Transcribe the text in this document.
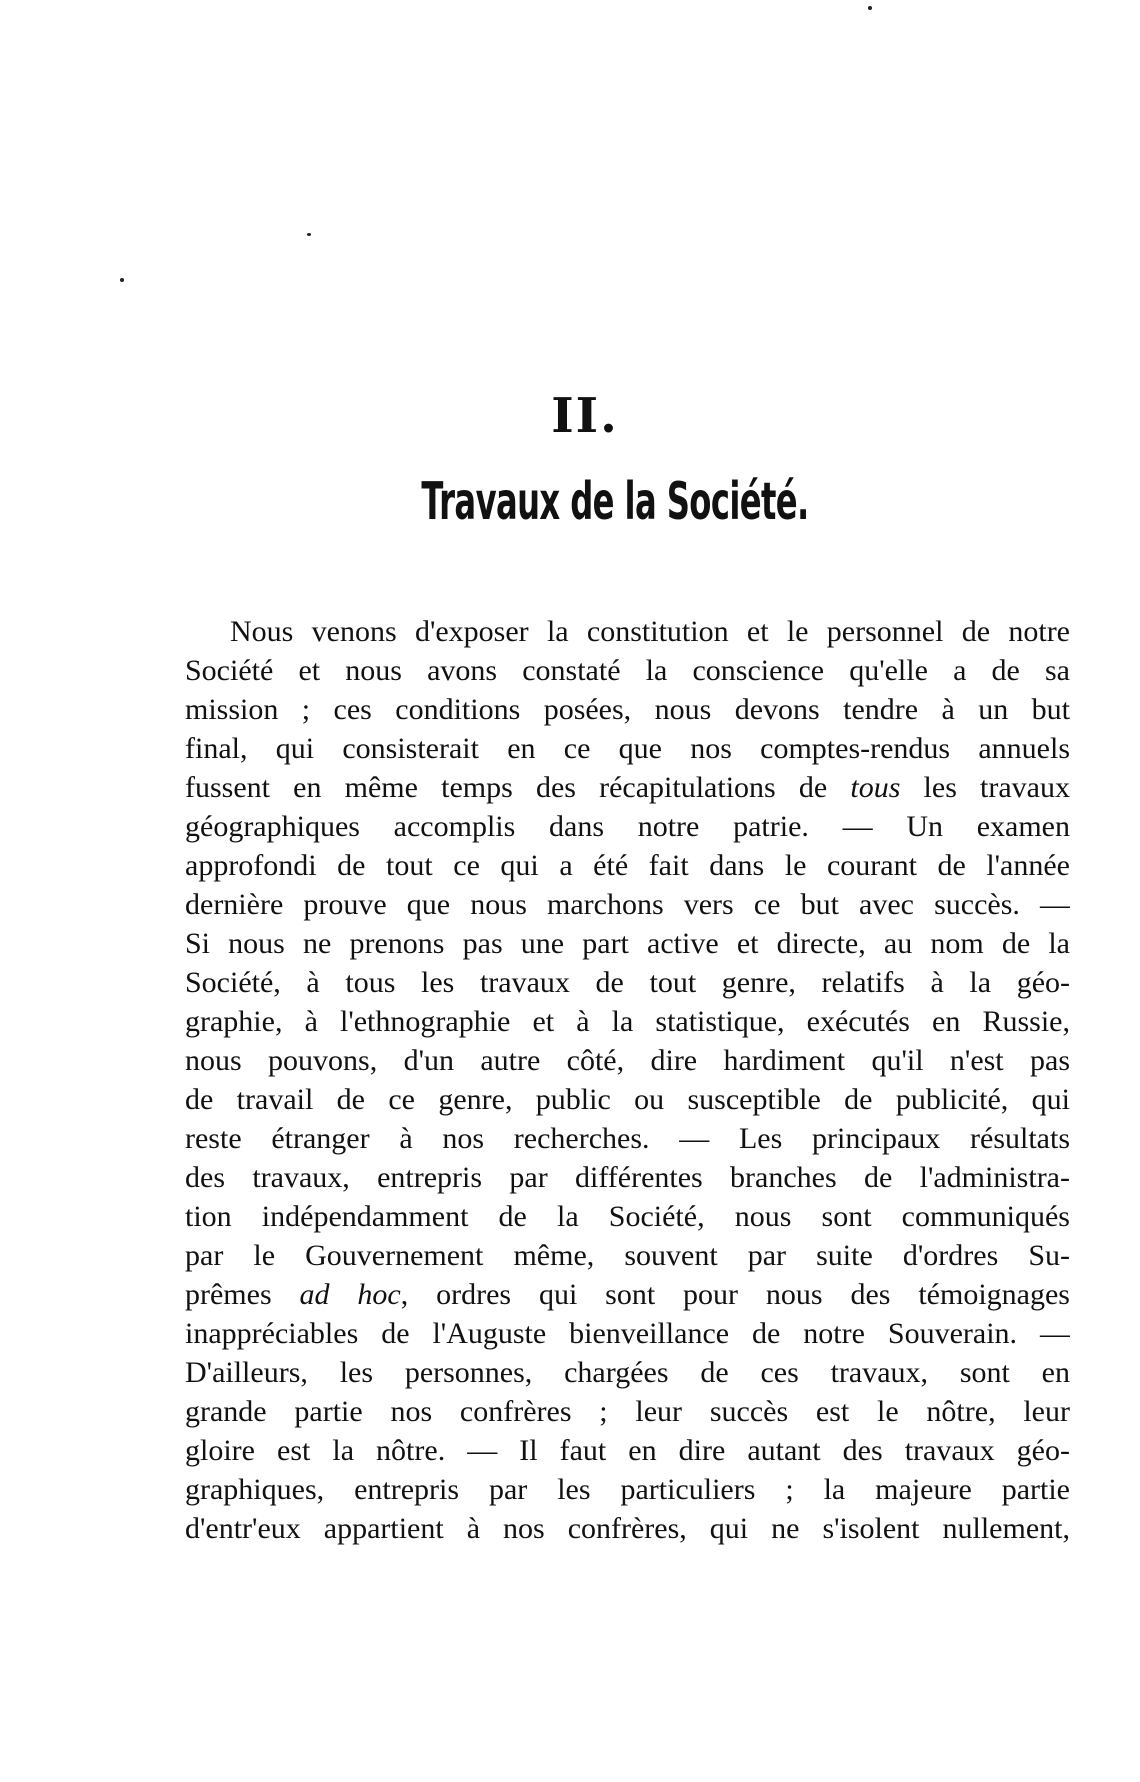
II.
Travaux de la Société.
Nous venons d'exposer la constitution et le personnel de notre
Société et nous avons constaté la conscience qu'elle a de sa
mission ; ces conditions posées, nous devons tendre à un but
final, qui consisterait en ce que nos comptes-rendus annuels
fussent en même temps des récapitulations de tous les travaux
géographiques accomplis dans notre patrie. — Un examen
approfondi de tout ce qui a été fait dans le courant de l'année
dernière prouve que nous marchons vers ce but avec succès. —
Si nous ne prenons pas une part active et directe, au nom de la
Société, à tous les travaux de tout genre, relatifs à la géo-
graphie, à l'ethnographie et à la statistique, exécutés en Russie,
nous pouvons, d'un autre côté, dire hardiment qu'il n'est pas
de travail de ce genre, public ou susceptible de publicité, qui
reste étranger à nos recherches. — Les principaux résultats
des travaux, entrepris par différentes branches de l'administra-
tion indépendamment de la Société, nous sont communiqués
par le Gouvernement même, souvent par suite d'ordres Su-
prêmes ad hoc, ordres qui sont pour nous des témoignages
inappréciables de l'Auguste bienveillance de notre Souverain. —
D'ailleurs, les personnes, chargées de ces travaux, sont en
grande partie nos confrères ; leur succès est le nôtre, leur
gloire est la nôtre. — Il faut en dire autant des travaux géo-
graphiques, entrepris par les particuliers ; la majeure partie
d'entr'eux appartient à nos confrères, qui ne s'isolent nullement,
